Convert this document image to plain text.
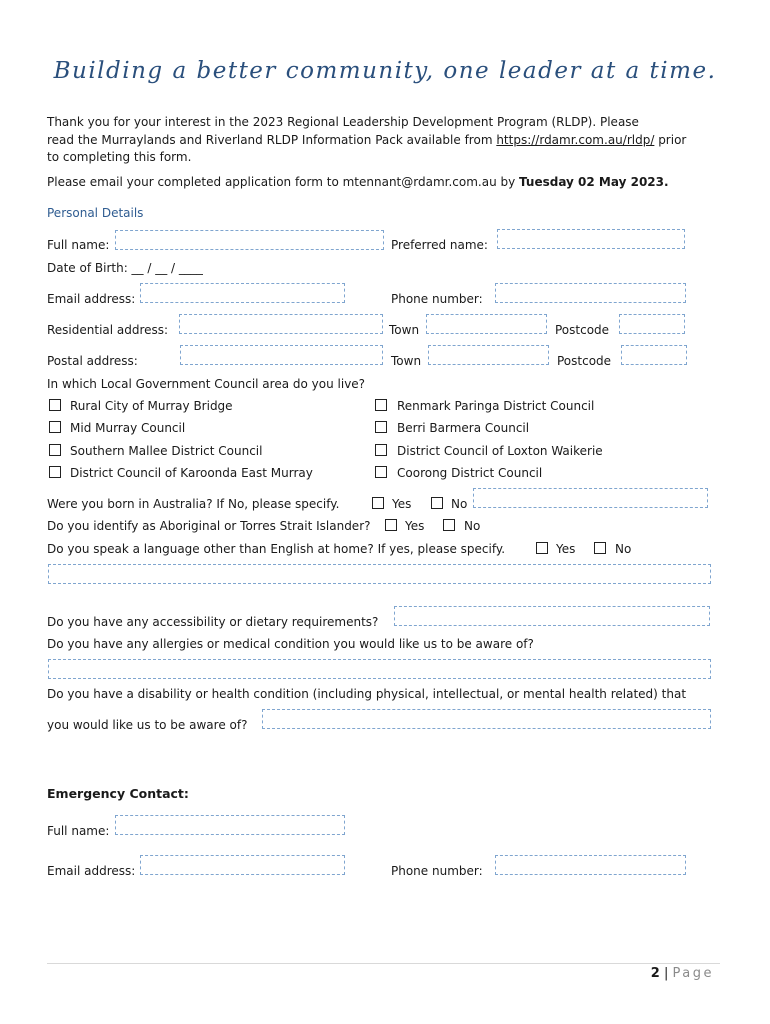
Building a better community, one leader at a time.
Thank you for your interest in the 2023 Regional Leadership Development Program (RLDP). Please
read the Murraylands and Riverland RLDP Information Pack available from https://rdamr.com.au/rldp/ prior
to completing this form.
Please email your completed application form to mtennant@rdamr.com.au by Tuesday 02 May 2023.
Personal Details
Full name:	Preferred name:
Date of Birth: __ / __ / ____
Email address:	Phone number:
Residential address:	Town	Postcode
Postal address:	Town	Postcode
In which Local Government Council area do you live?
Rural City of Murray Bridge
Mid Murray Council
Southern Mallee District Council
District Council of Karoonda East Murray
Renmark Paringa District Council
Berri Barmera Council
District Council of Loxton Waikerie
Coorong District Council
Were you born in Australia? If No, please specify.	Yes	No
Do you identify as Aboriginal or Torres Strait Islander?	Yes	No
Do you speak a language other than English at home? If yes, please specify.	Yes	No
Do you have any accessibility or dietary requirements?
Do you have any allergies or medical condition you would like us to be aware of?
Do you have a disability or health condition (including physical, intellectual, or mental health related) that
you would like us to be aware of?
Emergency Contact:
Full name:
Email address:	Phone number:
2 | Page
